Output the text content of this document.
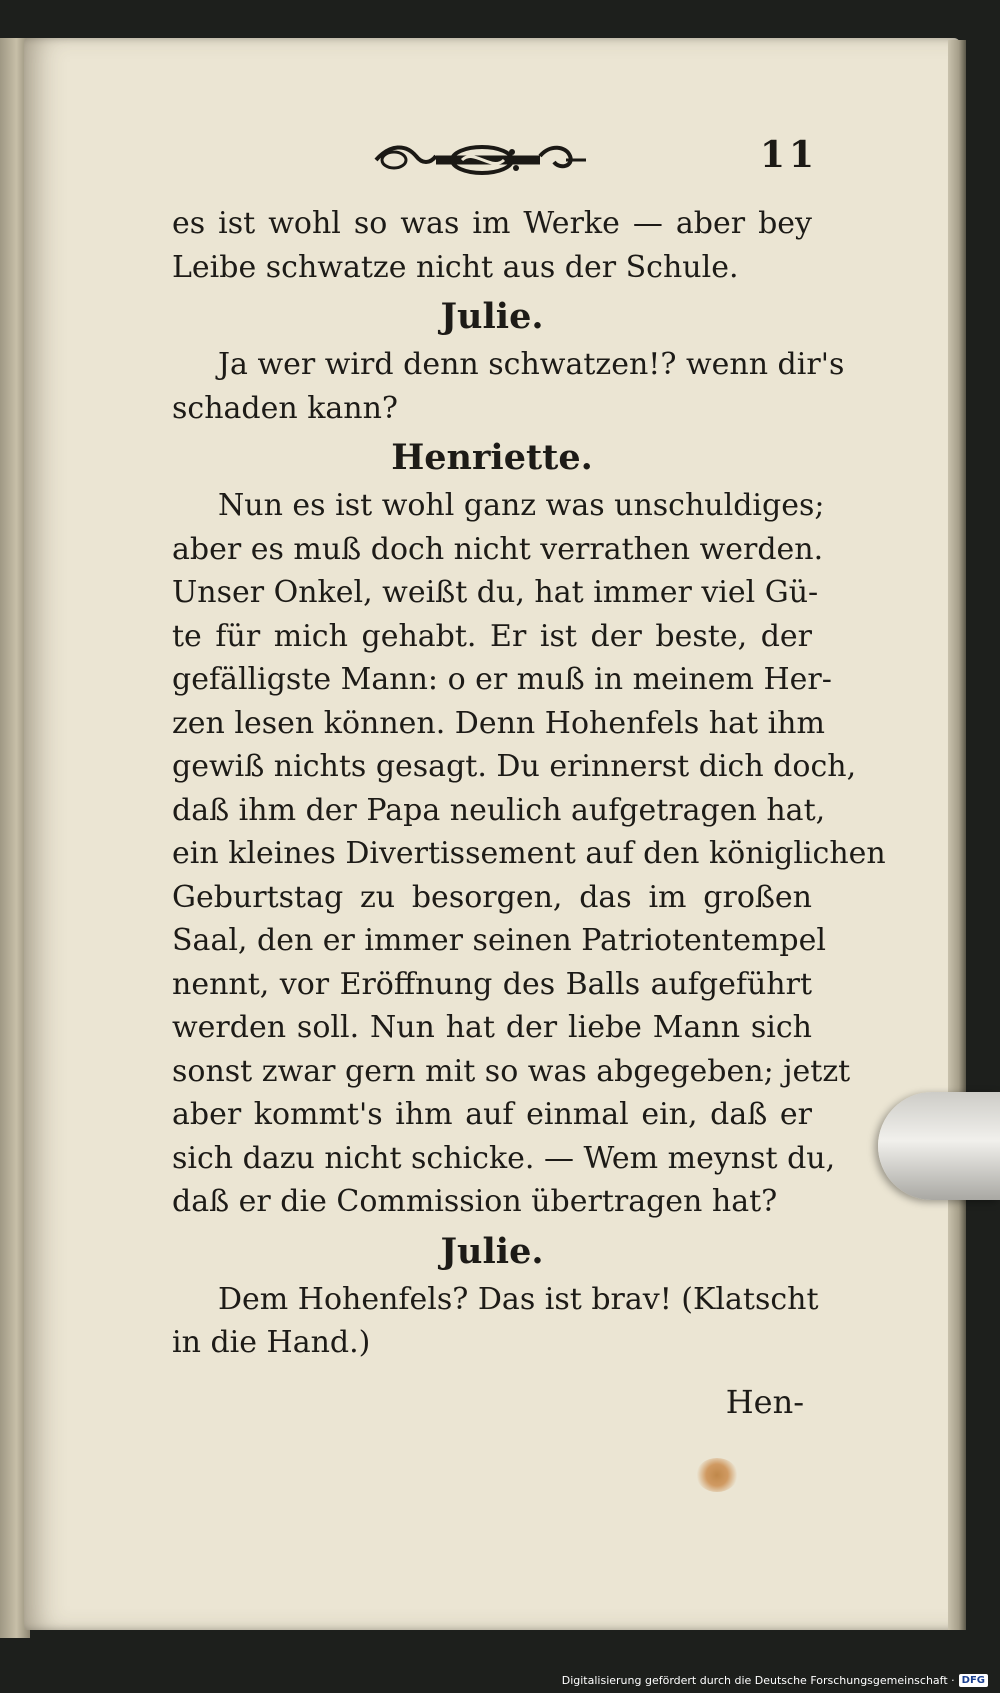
11
es ist wohl so was im Werke — aber bey
Leibe schwatze nicht aus der Schule.
Julie.
Ja wer wird denn schwatzen!? wenn dir's
schaden kann?
Henriette.
Nun es ist wohl ganz was unschuldiges;
aber es muß doch nicht verrathen werden.
Unser Onkel, weißt du, hat immer viel Gü-
te für mich gehabt. Er ist der beste, der
gefälligste Mann: o er muß in meinem Her-
zen lesen können. Denn Hohenfels hat ihm
gewiß nichts gesagt. Du erinnerst dich doch,
daß ihm der Papa neulich aufgetragen hat,
ein kleines Divertissement auf den königlichen
Geburtstag zu besorgen, das im großen
Saal, den er immer seinen Patriotentempel
nennt, vor Eröffnung des Balls aufgeführt
werden soll. Nun hat der liebe Mann sich
sonst zwar gern mit so was abgegeben; jetzt
aber kommt's ihm auf einmal ein, daß er
sich dazu nicht schicke. — Wem meynst du,
daß er die Commission übertragen hat?
Julie.
Dem Hohenfels? Das ist brav! (Klatscht
in die Hand.)
Hen-
Digitalisierung gefördert durch die Deutsche Forschungsgemeinschaft · DFG
